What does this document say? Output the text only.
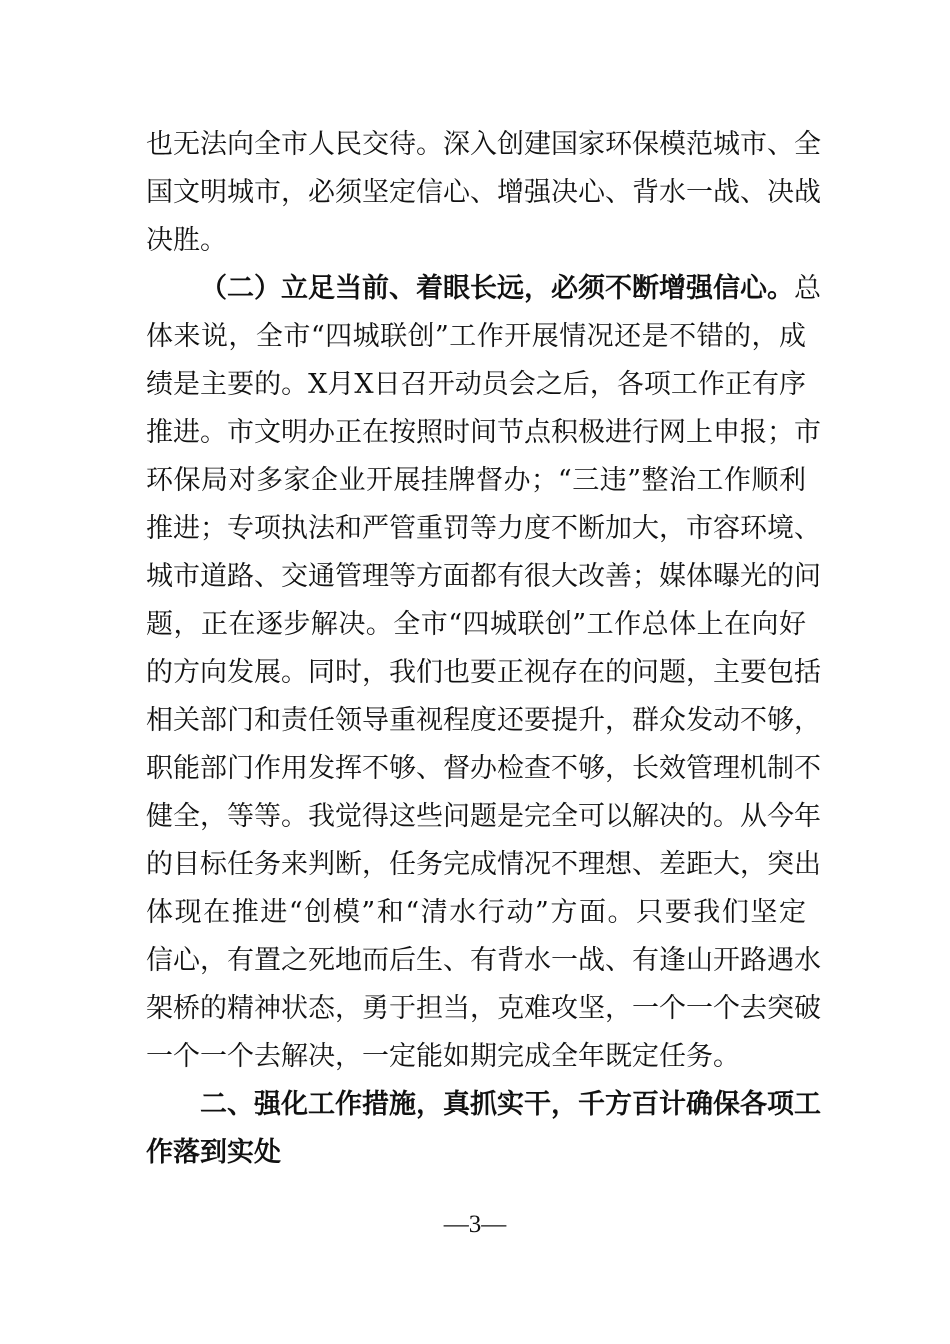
也无法向全市人民交待。深入创建国家环保模范城市、全
国文明城市，必须坚定信心、增强决心、背水一战、决战
决胜。
（二）立足当前、着眼长远，必须不断增强信心。总
体来说，全市“四城联创”工作开展情况还是不错的，成
绩是主要的。X月X日召开动员会之后，各项工作正有序
推进。市文明办正在按照时间节点积极进行网上申报；市
环保局对多家企业开展挂牌督办；“三违”整治工作顺利
推进；专项执法和严管重罚等力度不断加大，市容环境、
城市道路、交通管理等方面都有很大改善；媒体曝光的问
题，正在逐步解决。全市“四城联创”工作总体上在向好
的方向发展。同时，我们也要正视存在的问题，主要包括
相关部门和责任领导重视程度还要提升，群众发动不够，
职能部门作用发挥不够、督办检查不够，长效管理机制不
健全，等等。我觉得这些问题是完全可以解决的。从今年
的目标任务来判断，任务完成情况不理想、差距大，突出
体现在推进“创模”和“清水行动”方面。只要我们坚定
信心，有置之死地而后生、有背水一战、有逢山开路遇水
架桥的精神状态，勇于担当，克难攻坚，一个一个去突破
一个一个去解决，一定能如期完成全年既定任务。
二、强化工作措施，真抓实干，千方百计确保各项工
作落到实处
—3—
